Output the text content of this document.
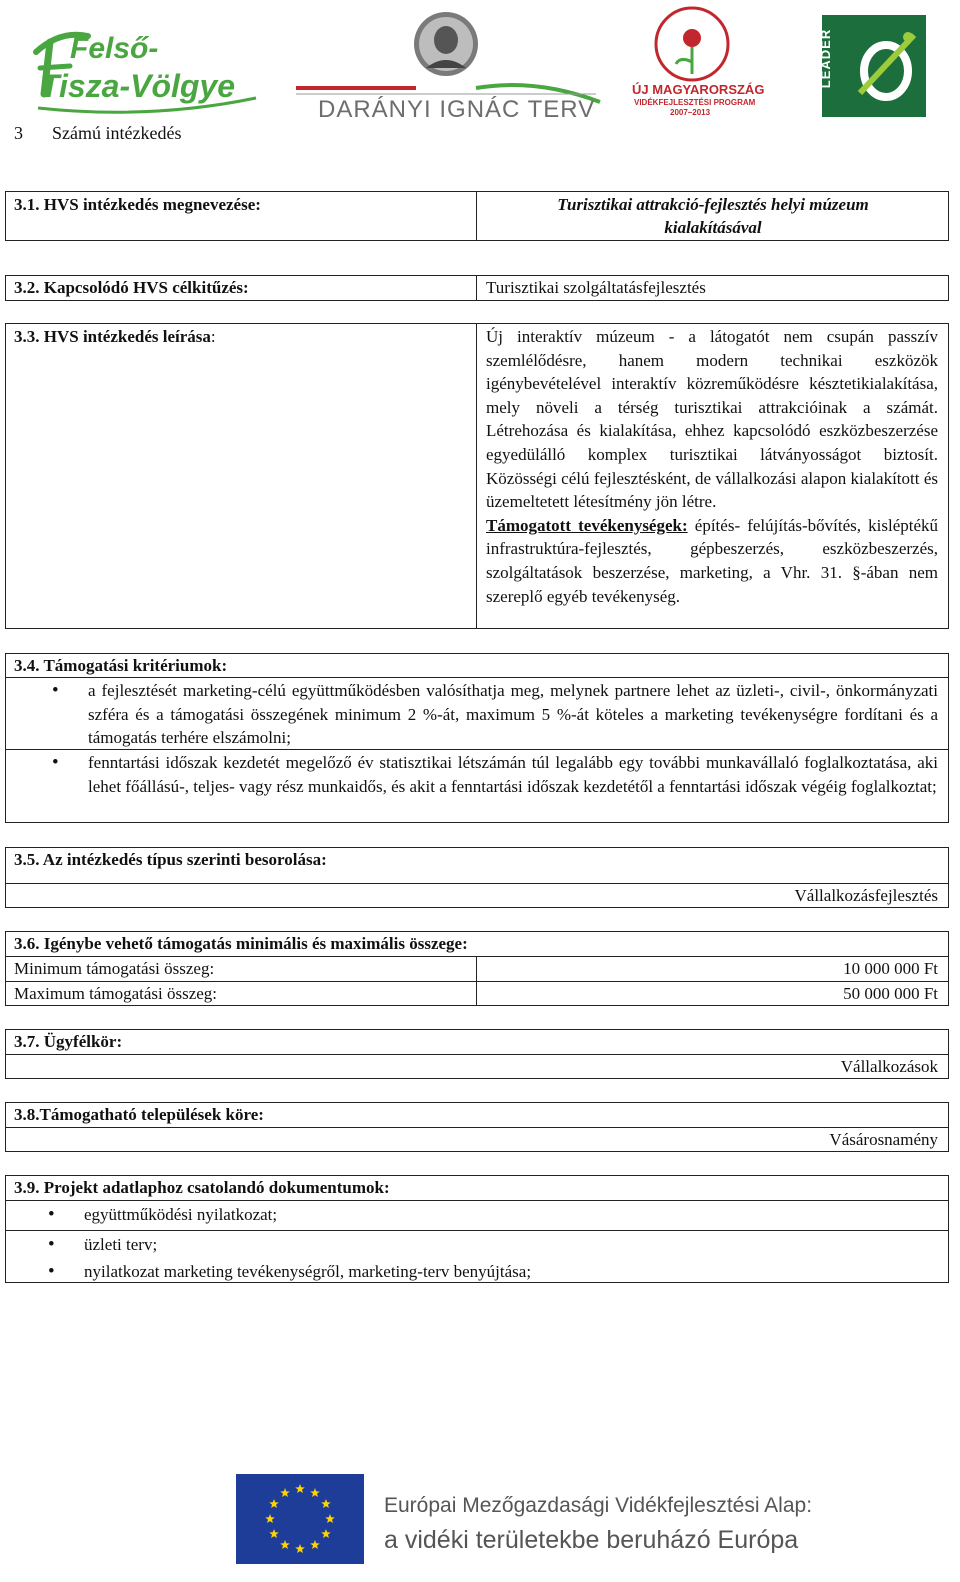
Felső-
Tisza-Völgye
DARÁNYI IGNÁC TERV
ÚJ MAGYARORSZÁG
VIDÉKFEJLESZTÉSI PROGRAM
2007–2013
LEADER
3 Számú intézkedés
3.1. HVS intézkedés megnevezése:	Turisztikai attrakció-fejlesztés helyi múzeum
kialakításával
3.2. Kapcsolódó HVS célkitűzés:	Turisztikai szolgáltatásfejlesztés
3.3. HVS intézkedés leírása:	Új interaktív múzeum - a látogatót nem csupán passzív szemlélődésre, hanem modern technikai eszközök igénybevételével interaktív közreműködésre késztetikialakítása, mely növeli a térség turisztikai attrakcióinak a számát. Létrehozása és kialakítása, ehhez kapcsolódó eszközbeszerzése egyedülálló komplex turisztikai látványosságot biztosít. Közösségi célú fejlesztésként, de vállalkozási alapon kialakított és üzemeltetett létesítmény jön létre.
Támogatott tevékenységek: építés- felújítás-bővítés, kisléptékű infrastruktúra-fejlesztés, gépbeszerzés, eszközbeszerzés, szolgáltatások beszerzése, marketing, a Vhr. 31. §-ában nem szereplő egyéb tevékenység.
3.4. Támogatási kritériumok:
• a fejlesztését marketing-célú együttműködésben valósíthatja meg, melynek partnere lehet az üzleti-, civil-, önkormányzati szféra és a támogatási összegének minimum 2 %-át, maximum 5 %-át köteles a marketing tevékenységre fordítani és a támogatás terhére elszámolni;
• fenntartási időszak kezdetét megelőző év statisztikai létszámán túl legalább egy további munkavállaló foglalkoztatása, aki lehet főállású-, teljes- vagy rész munkaidős, és akit a fenntartási időszak kezdetétől a fenntartási időszak végéig foglalkoztat;
3.5. Az intézkedés típus szerinti besorolása:
Vállalkozásfejlesztés
3.6. Igénybe vehető támogatás minimális és maximális összege:
Minimum támogatási összeg:	10 000 000 Ft
Maximum támogatási összeg:	50 000 000 Ft
3.7. Ügyfélkör:
Vállalkozások
3.8.Támogatható települések köre:
Vásárosnamény
3.9. Projekt adatlaphoz csatolandó dokumentumok:
• együttműködési nyilatkozat;
• üzleti terv;
• nyilatkozat marketing tevékenységről, marketing-terv benyújtása;
Európai Mezőgazdasági Vidékfejlesztési Alap:
a vidéki területekbe beruházó Európa
